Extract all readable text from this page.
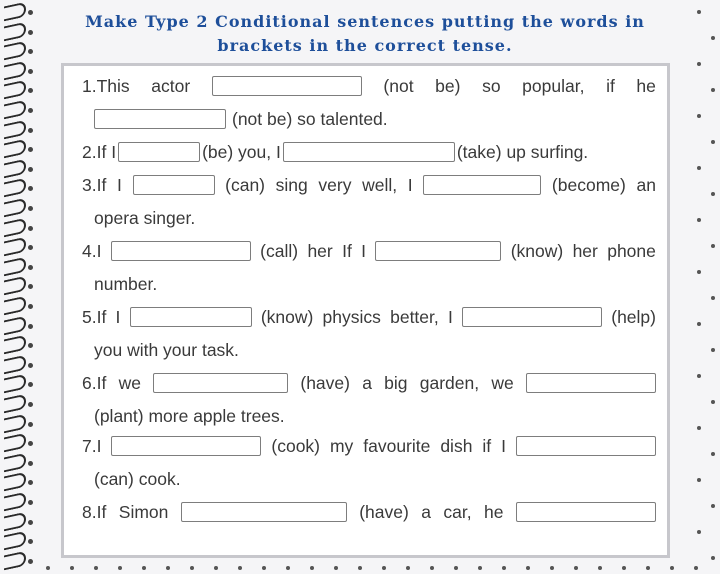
Make Type 2 Conditional sentences putting the words in
brackets in the correct tense.
1.This actor	(not be) so popular, if he
(not be) so talented.
2.If I	(be) you, I	(take) up surfing.
3.If I	(can) sing very well, I	(become) an
opera singer.
4.I	(call) her If I	(know) her phone
number.
5.If I	(know) physics better, I	(help)
you with your task.
6.If we	(have) a big garden, we
(plant) more apple trees.
7.I	(cook) my favourite dish if I
(can) cook.
8.If Simon	(have) a car, he
